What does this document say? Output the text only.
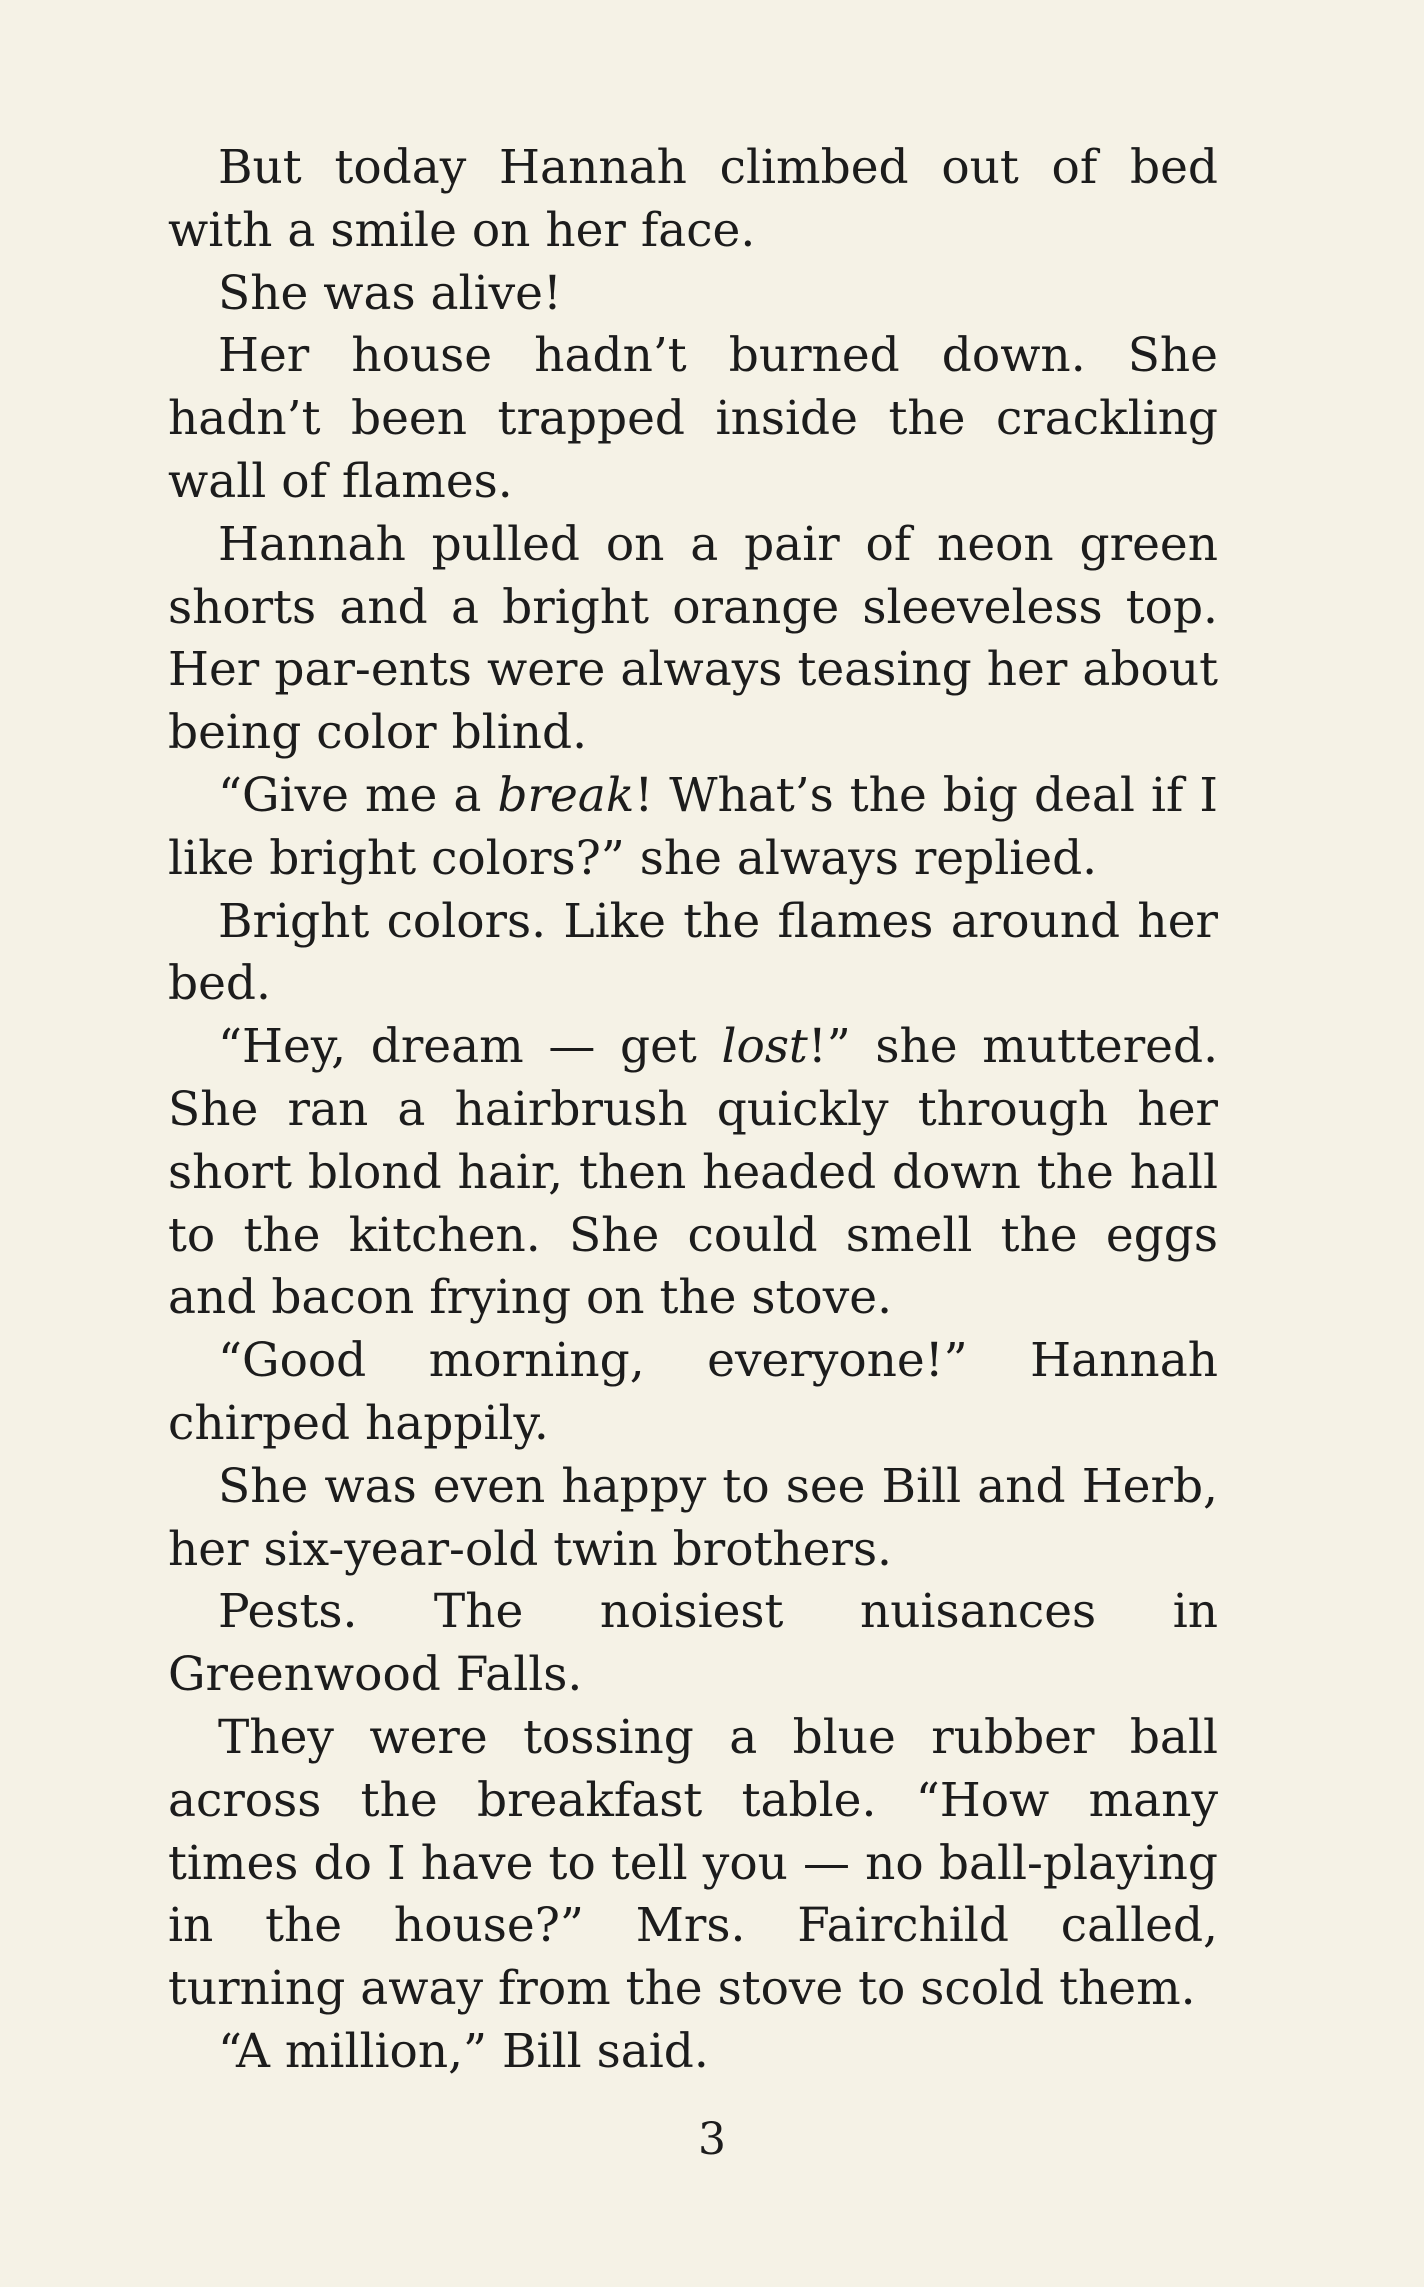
But today Hannah climbed out of bed with a smile on her face.

She was alive!

Her house hadn’t burned down. She hadn’t been trapped inside the crackling wall of flames.

Hannah pulled on a pair of neon green shorts and a bright orange sleeveless top. Her par-ents were always teasing her about being color blind.

“Give me a break! What’s the big deal if I like bright colors?” she always replied.

Bright colors. Like the flames around her bed.

“Hey, dream — get lost!” she muttered. She ran a hairbrush quickly through her short blond hair, then headed down the hall to the kitchen. She could smell the eggs and bacon frying on the stove.

“Good morning, everyone!” Hannah chirped happily.

She was even happy to see Bill and Herb, her six-year-old twin brothers.

Pests. The noisiest nuisances in Greenwood Falls.

They were tossing a blue rubber ball across the breakfast table. “How many times do I have to tell you — no ball-playing in the house?” Mrs. Fairchild called, turning away from the stove to scold them.

“A million,” Bill said.

3
